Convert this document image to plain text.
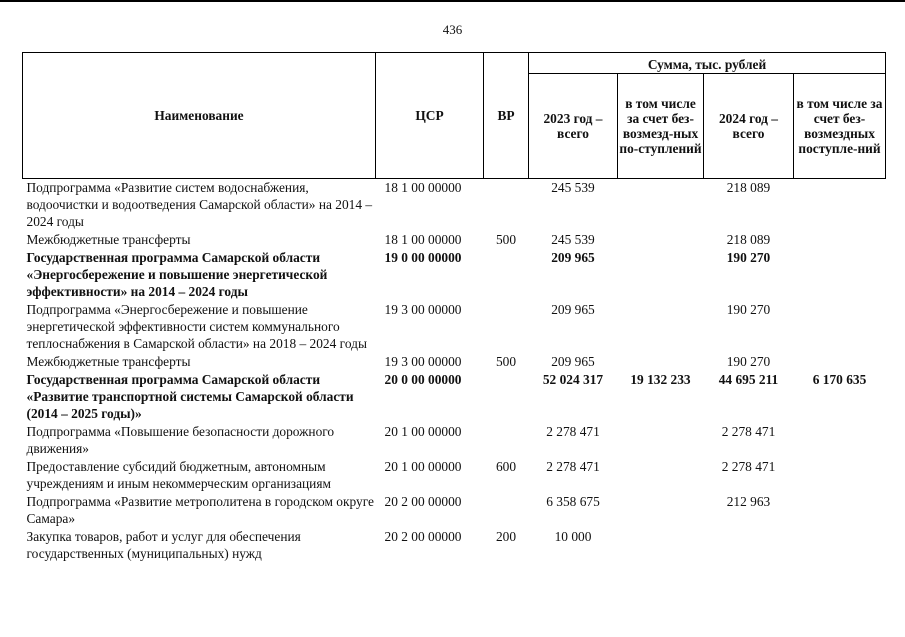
436
Наименование	ЦСР	ВР	Сумма, тыс. рублей			
			2023 год – всего	в том числе за счет без-возмезд-ных по-ступлений	2024 год – всего	в том числе за счет без-возмездных поступле-ний
Подпрограмма «Развитие систем водоснабжения, водоочистки и водоотведения Самарской области» на 2014 – 2024 годы	18 1 00 00000		245 539		218 089	
Межбюджетные трансферты	18 1 00 00000	500	245 539		218 089	
Государственная программа Самарской области «Энергосбережение и повышение энергетической эффективности» на 2014 – 2024 годы	19 0 00 00000		209 965		190 270	
Подпрограмма «Энергосбережение и повышение энергетической эффективности систем коммунального теплоснабжения в Самарской области» на 2018 – 2024 годы	19 3 00 00000		209 965		190 270	
Межбюджетные трансферты	19 3 00 00000	500	209 965		190 270	
Государственная программа Самарской области «Развитие транспортной системы Самарской области (2014 – 2025 годы)»	20 0 00 00000		52 024 317	19 132 233	44 695 211	6 170 635
Подпрограмма «Повышение безопасности дорожного движения»	20 1 00 00000		2 278 471		2 278 471	
Предоставление субсидий бюджетным, автономным учреждениям и иным некоммерческим организациям	20 1 00 00000	600	2 278 471		2 278 471	
Подпрограмма «Развитие метрополитена в городском округе Самара»	20 2 00 00000		6 358 675		212 963	
Закупка товаров, работ и услуг для обеспечения государственных (муниципальных) нужд	20 2 00 00000	200	10 000			
